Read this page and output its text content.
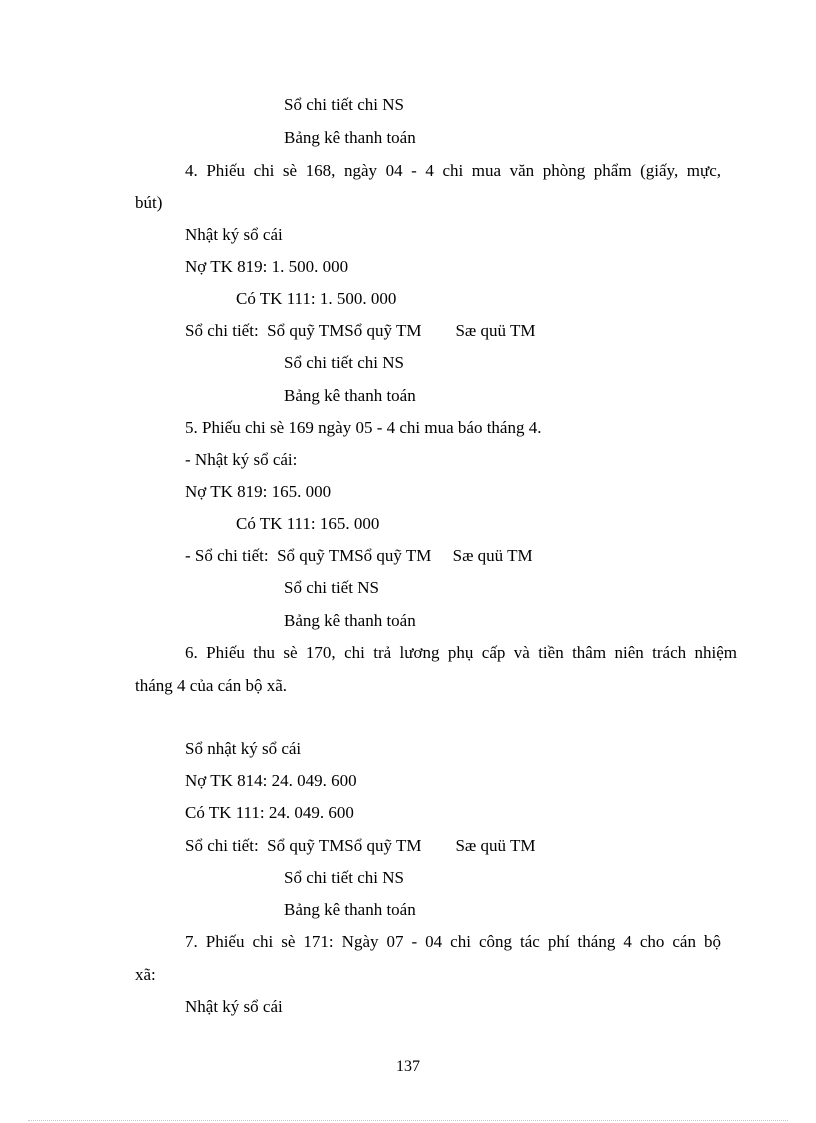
Sổ chi tiết chi NS
Bảng kê thanh toán
4. Phiếu chi sè 168, ngày 04 - 4 chi mua văn phòng phẩm (giấy, mực,
bút)
Nhật ký sổ cái
Nợ TK 819: 1. 500. 000
Có TK 111: 1. 500. 000
Sổ chi tiết:  Sổ quỹ TMSổ quỹ TM        Sæ quü TM
Sổ chi tiết chi NS
Bảng kê thanh toán
5. Phiếu chi sè 169 ngày 05 - 4 chi mua báo tháng 4.
- Nhật ký sổ cái:
Nợ TK 819: 165. 000
Có TK 111: 165. 000
- Sổ chi tiết:  Sổ quỹ TMSổ quỹ TM     Sæ quü TM
Sổ chi tiết NS
Bảng kê thanh toán
6. Phiếu thu sè 170, chi trả lương phụ cấp và tiền thâm niên trách nhiệm
tháng 4 của cán bộ xã.
Sổ nhật ký sổ cái
Nợ TK 814: 24. 049. 600
Có TK 111: 24. 049. 600
Sổ chi tiết:  Sổ quỹ TMSổ quỹ TM        Sæ quü TM
Sổ chi tiết chi NS
Bảng kê thanh toán
7. Phiếu chi sè 171: Ngày 07 - 04 chi công tác phí tháng 4 cho cán bộ
xã:
Nhật ký sổ cái
137
